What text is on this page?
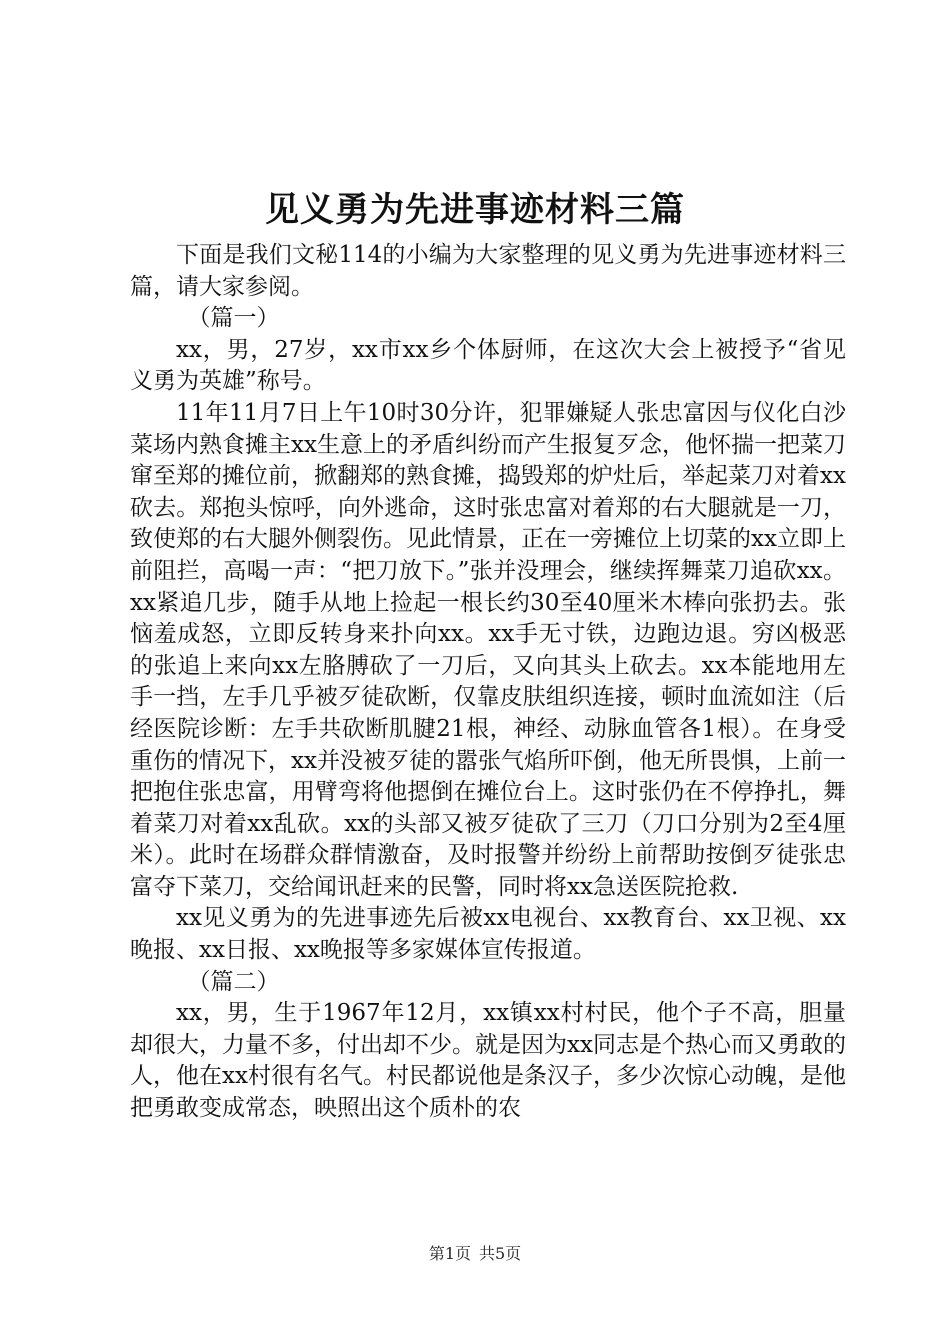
见义勇为先进事迹材料三篇

下面是我们文秘114的小编为大家整理的见义勇为先进事迹材料三篇，请大家参阅。

（篇一）

xx，男，27岁，xx市xx乡个体厨师，在这次大会上被授予“省见义勇为英雄”称号。

11年11月7日上午10时30分许，犯罪嫌疑人张忠富因与仪化白沙菜场内熟食摊主xx生意上的矛盾纠纷而产生报复歹念，他怀揣一把菜刀窜至郑的摊位前，掀翻郑的熟食摊，捣毁郑的炉灶后，举起菜刀对着xx砍去。郑抱头惊呼，向外逃命，这时张忠富对着郑的右大腿就是一刀，致使郑的右大腿外侧裂伤。见此情景，正在一旁摊位上切菜的xx立即上前阻拦，高喝一声：“把刀放下。”张并没理会，继续挥舞菜刀追砍xx。xx紧追几步，随手从地上捡起一根长约30至40厘米木棒向张扔去。张恼羞成怒，立即反转身来扑向xx。xx手无寸铁，边跑边退。穷凶极恶的张追上来向xx左胳膊砍了一刀后，又向其头上砍去。xx本能地用左手一挡，左手几乎被歹徒砍断，仅靠皮肤组织连接，顿时血流如注（后经医院诊断：左手共砍断肌腱21根，神经、动脉血管各1根）。在身受重伤的情况下，xx并没被歹徒的嚣张气焰所吓倒，他无所畏惧，上前一把抱住张忠富，用臂弯将他摁倒在摊位台上。这时张仍在不停挣扎，舞着菜刀对着xx乱砍。xx的头部又被歹徒砍了三刀（刀口分别为2至4厘米）。此时在场群众群情激奋，及时报警并纷纷上前帮助按倒歹徒张忠富夺下菜刀，交给闻讯赶来的民警，同时将xx急送医院抢救.

xx见义勇为的先进事迹先后被xx电视台、xx教育台、xx卫视、xx晚报、xx日报、xx晚报等多家媒体宣传报道。

（篇二）

xx，男，生于1967年12月，xx镇xx村村民，他个子不高，胆量却很大，力量不多，付出却不少。就是因为xx同志是个热心而又勇敢的人，他在xx村很有名气。村民都说他是条汉子，多少次惊心动魄，是他把勇敢变成常态，映照出这个质朴的农

第1页 共5页
